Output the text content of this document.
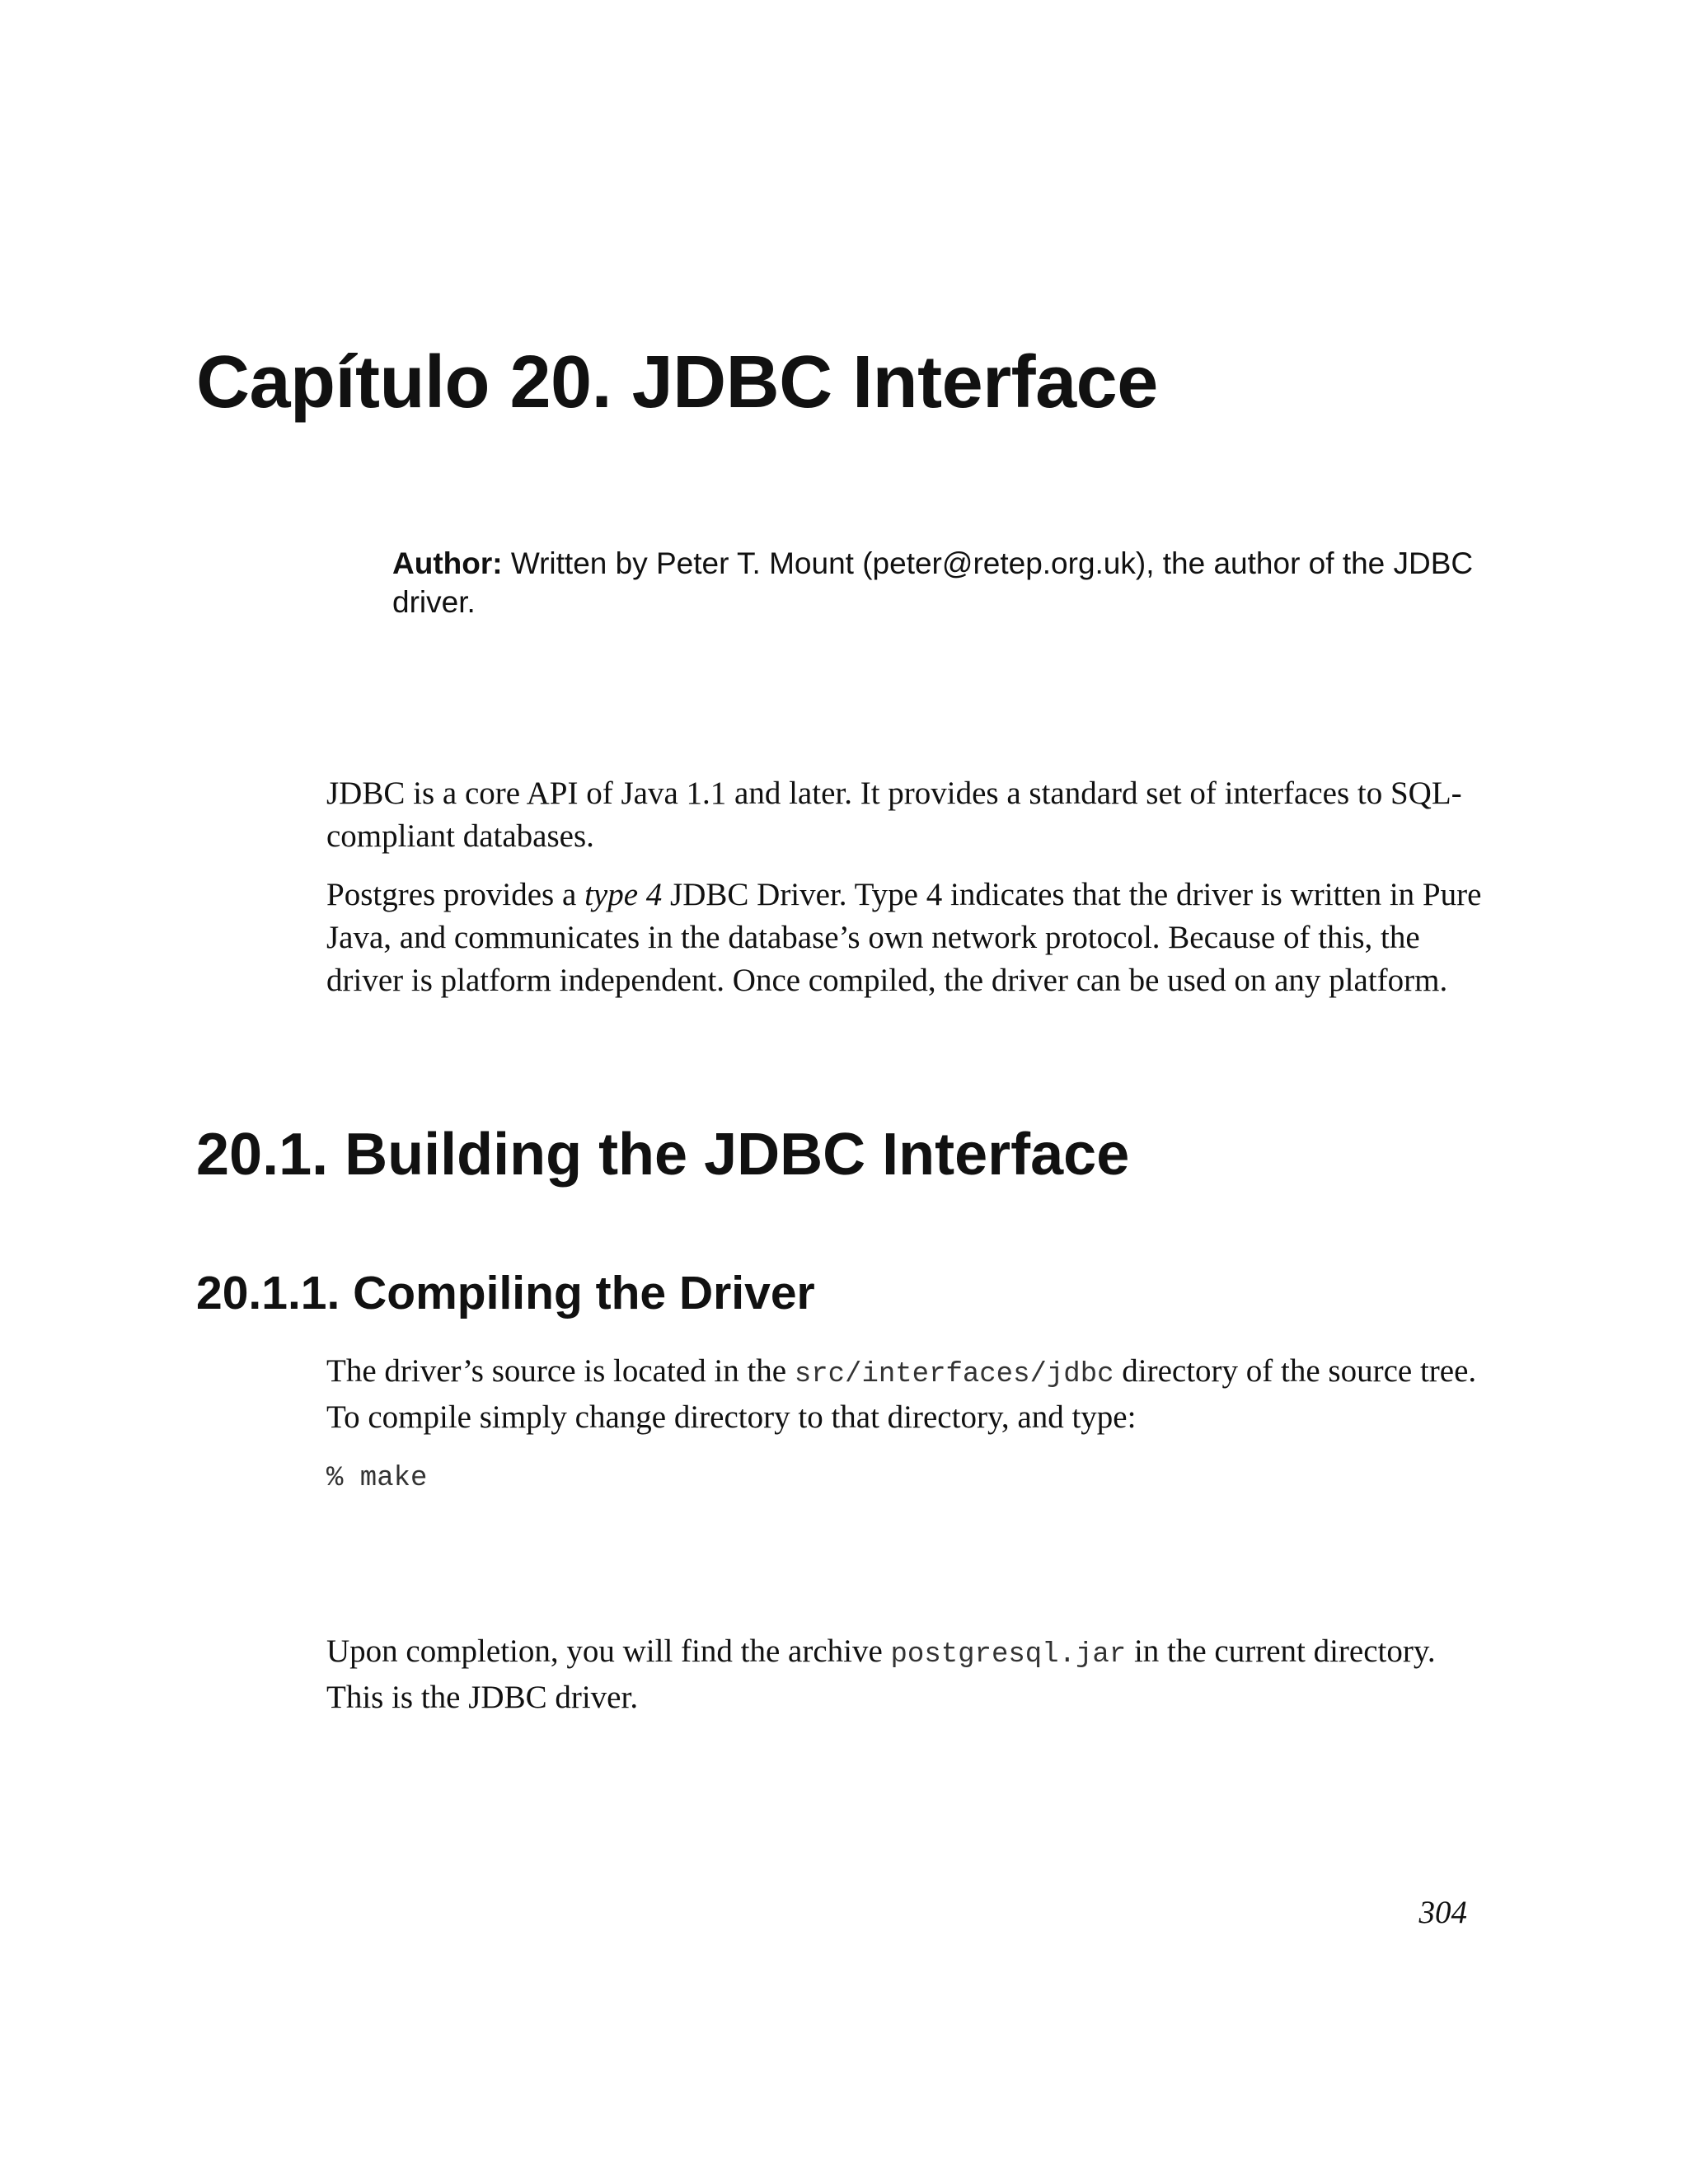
Capítulo 20. JDBC Interface

Author: Written by Peter T. Mount (peter@retep.org.uk), the author of the JDBC driver.

JDBC is a core API of Java 1.1 and later. It provides a standard set of interfaces to SQL-compliant databases.

Postgres provides a type 4 JDBC Driver. Type 4 indicates that the driver is written in Pure Java, and communicates in the database’s own network protocol. Because of this, the driver is platform independent. Once compiled, the driver can be used on any platform.

20.1. Building the JDBC Interface
20.1.1. Compiling the Driver

The driver’s source is located in the src/interfaces/jdbc directory of the source tree. To compile simply change directory to that directory, and type:

% make

Upon completion, you will find the archive postgresql.jar in the current directory. This is the JDBC driver.

304
